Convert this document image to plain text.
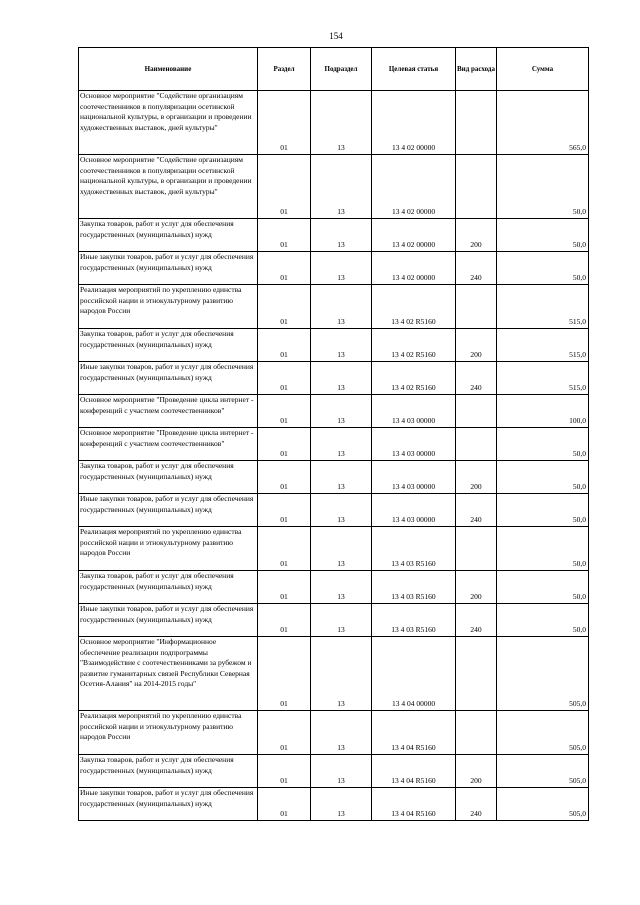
154
Наименование	Раздел	Подраздел	Целевая статья	Вид расхода	Сумма
Основное мероприятие "Содействие организациям соотечественников в популяризации осетинской национальной культуры, в организации и проведении художественных выставок, дней культуры"	01	13	13 4 02 00000		565,0
Основное мероприятие "Содействие организациям соотечественников в популяризации осетинской национальной культуры, в организации и проведении художественных выставок, дней культуры"	01	13	13 4 02 00000		50,0
Закупка товаров, работ и услуг для обеспечения государственных (муниципальных) нужд	01	13	13 4 02 00000	200	50,0
Иные закупки товаров, работ и услуг для обеспечения государственных (муниципальных) нужд	01	13	13 4 02 00000	240	50,0
Реализация мероприятий по укреплению единства российской нации и этнокультурному развитию народов России	01	13	13 4 02 R5160		515,0
Закупка товаров, работ и услуг для обеспечения государственных (муниципальных) нужд	01	13	13 4 02 R5160	200	515,0
Иные закупки товаров, работ и услуг для обеспечения государственных (муниципальных) нужд	01	13	13 4 02 R5160	240	515,0
Основное мероприятие "Проведение цикла интернет - конференций с участием соотечественников"	01	13	13 4 03 00000		100,0
Основное мероприятие "Проведение цикла интернет - конференций с участием соотечественников"	01	13	13 4 03 00000		50,0
Закупка товаров, работ и услуг для обеспечения государственных (муниципальных) нужд	01	13	13 4 03 00000	200	50,0
Иные закупки товаров, работ и услуг для обеспечения государственных (муниципальных) нужд	01	13	13 4 03 00000	240	50,0
Реализация мероприятий по укреплению единства российской нации и этнокультурному развитию народов России	01	13	13 4 03 R5160		50,0
Закупка товаров, работ и услуг для обеспечения государственных (муниципальных) нужд	01	13	13 4 03 R5160	200	50,0
Иные закупки товаров, работ и услуг для обеспечения государственных (муниципальных) нужд	01	13	13 4 03 R5160	240	50,0
Основное мероприятие "Информационное обеспечение реализации подпрограммы "Взаимодействие с соотечественниками за рубежом и развитие гуманитарных связей Республики Северная Осетия-Алания" на 2014-2015 годы"	01	13	13 4 04 00000		505,0
Реализация мероприятий по укреплению единства российской нации и этнокультурному развитию народов России	01	13	13 4 04 R5160		505,0
Закупка товаров, работ и услуг для обеспечения государственных (муниципальных) нужд	01	13	13 4 04 R5160	200	505,0
Иные закупки товаров, работ и услуг для обеспечения государственных (муниципальных) нужд	01	13	13 4 04 R5160	240	505,0
